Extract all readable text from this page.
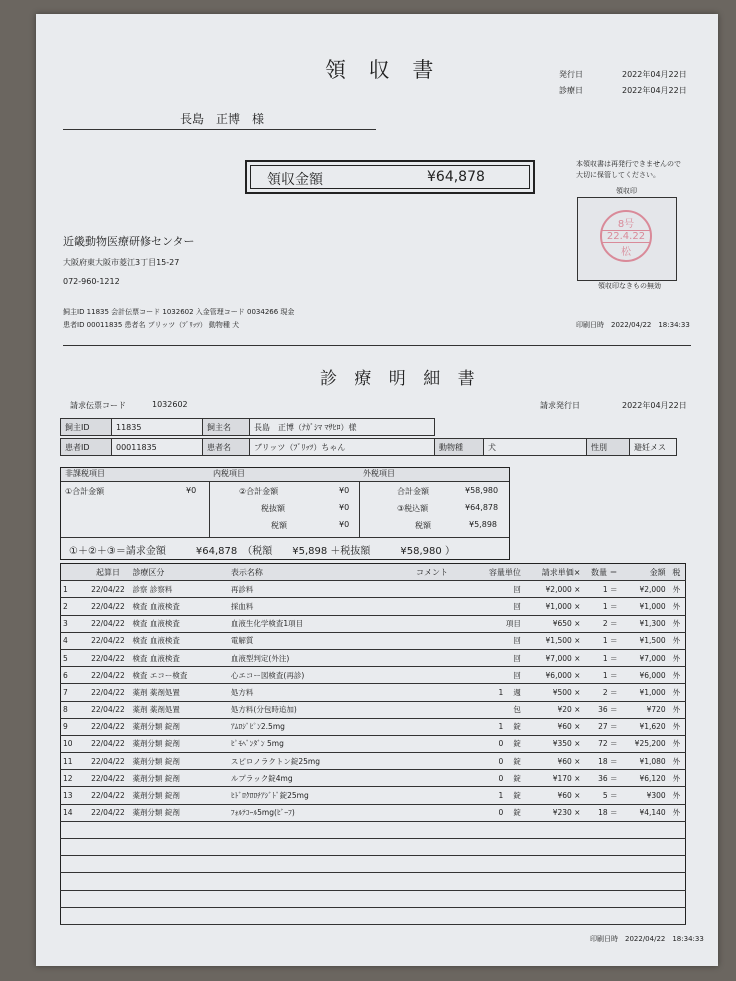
領 収 書	発行日	2022年04月22日
診療日	2022年04月22日
長島　正博　様
領収金額	¥64,878
本領収書は再発行できませんので
大切に保管してください。
領収印
8号
22.4.22
松
領収印なきもの無効
近畿動物医療研修センター
大阪府東大阪市菱江3丁目15-27
072-960-1212
飼主ID 11835 会計伝票コード 1032602 入金管理コード 0034266 現金
患者ID 00011835 患者名 ブリッツ（ﾌﾞﾘｯﾂ） 動物種 犬	印刷日時　2022/04/22　18:34:33
診 療 明 細 書
請求伝票コード	1032602	請求発行日	2022年04月22日
飼主ID	11835	飼主名	長島　正博（ﾅｶﾞｼﾏ ﾏｻﾋﾛ）様	
患者ID	00011835	患者名	ブリッツ（ﾌﾞﾘｯﾂ）ちゃん	動物種	犬	性別	避妊メス
非課税項目
①合計金額	¥0
内税項目
②合計金額	¥0
税抜額	¥0
税額	¥0
外税項目
合計金額	¥58,980
③税込額	¥64,878
税額	¥5,898
①＋②＋③＝請求金額　　　¥64,878　（税額　　¥5,898 ＋税抜額　　　¥58,980 ）
	起算日	診療区分	表示名称	コメント	容量単位	請求単価×	数量 ＝	金額	税
1	22/04/22	診察 診察料	再診料		回	¥2,000 ×	1 ＝	¥2,000	外
2	22/04/22	検査 血液検査	採血料		回	¥1,000 ×	1 ＝	¥1,000	外
3	22/04/22	検査 血液検査	血液生化学検査1項目		項目	¥650 ×	2 ＝	¥1,300	外
4	22/04/22	検査 血液検査	電解質		回	¥1,500 ×	1 ＝	¥1,500	外
5	22/04/22	検査 血液検査	血液型判定(外注)		回	¥7,000 ×	1 ＝	¥7,000	外
6	22/04/22	検査 エコー検査	心エコー図検査(再診)		回	¥6,000 ×	1 ＝	¥6,000	外
7	22/04/22	薬剤 薬剤処置	処方料		1 週	¥500 ×	2 ＝	¥1,000	外
8	22/04/22	薬剤 薬剤処置	処方料(分包時追加)		包	¥20 ×	36 ＝	¥720	外
9	22/04/22	薬剤分類 錠剤	ｱﾑﾛｼﾞﾋﾟﾝ2.5mg		1 錠	¥60 ×	27 ＝	¥1,620	外
10	22/04/22	薬剤分類 錠剤	ﾋﾟﾓﾍﾞﾝﾀﾞﾝ 5mg		0 錠	¥350 ×	72 ＝	¥25,200	外
11	22/04/22	薬剤分類 錠剤	スピロノラクトン錠25mg		0 錠	¥60 ×	18 ＝	¥1,080	外
12	22/04/22	薬剤分類 錠剤	ルプラック錠4mg		0 錠	¥170 ×	36 ＝	¥6,120	外
13	22/04/22	薬剤分類 錠剤	ﾋﾄﾞﾛｸﾛﾛﾁｱｼﾞﾄﾞ錠25mg		1 錠	¥60 ×	5 ＝	¥300	外
14	22/04/22	薬剤分類 錠剤	ﾌｫﾙﾃｺｰﾙ5mg(ﾋﾞｰﾌ)		0 錠	¥230 ×	18 ＝	¥4,140	外

印刷日時　2022/04/22　18:34:33
